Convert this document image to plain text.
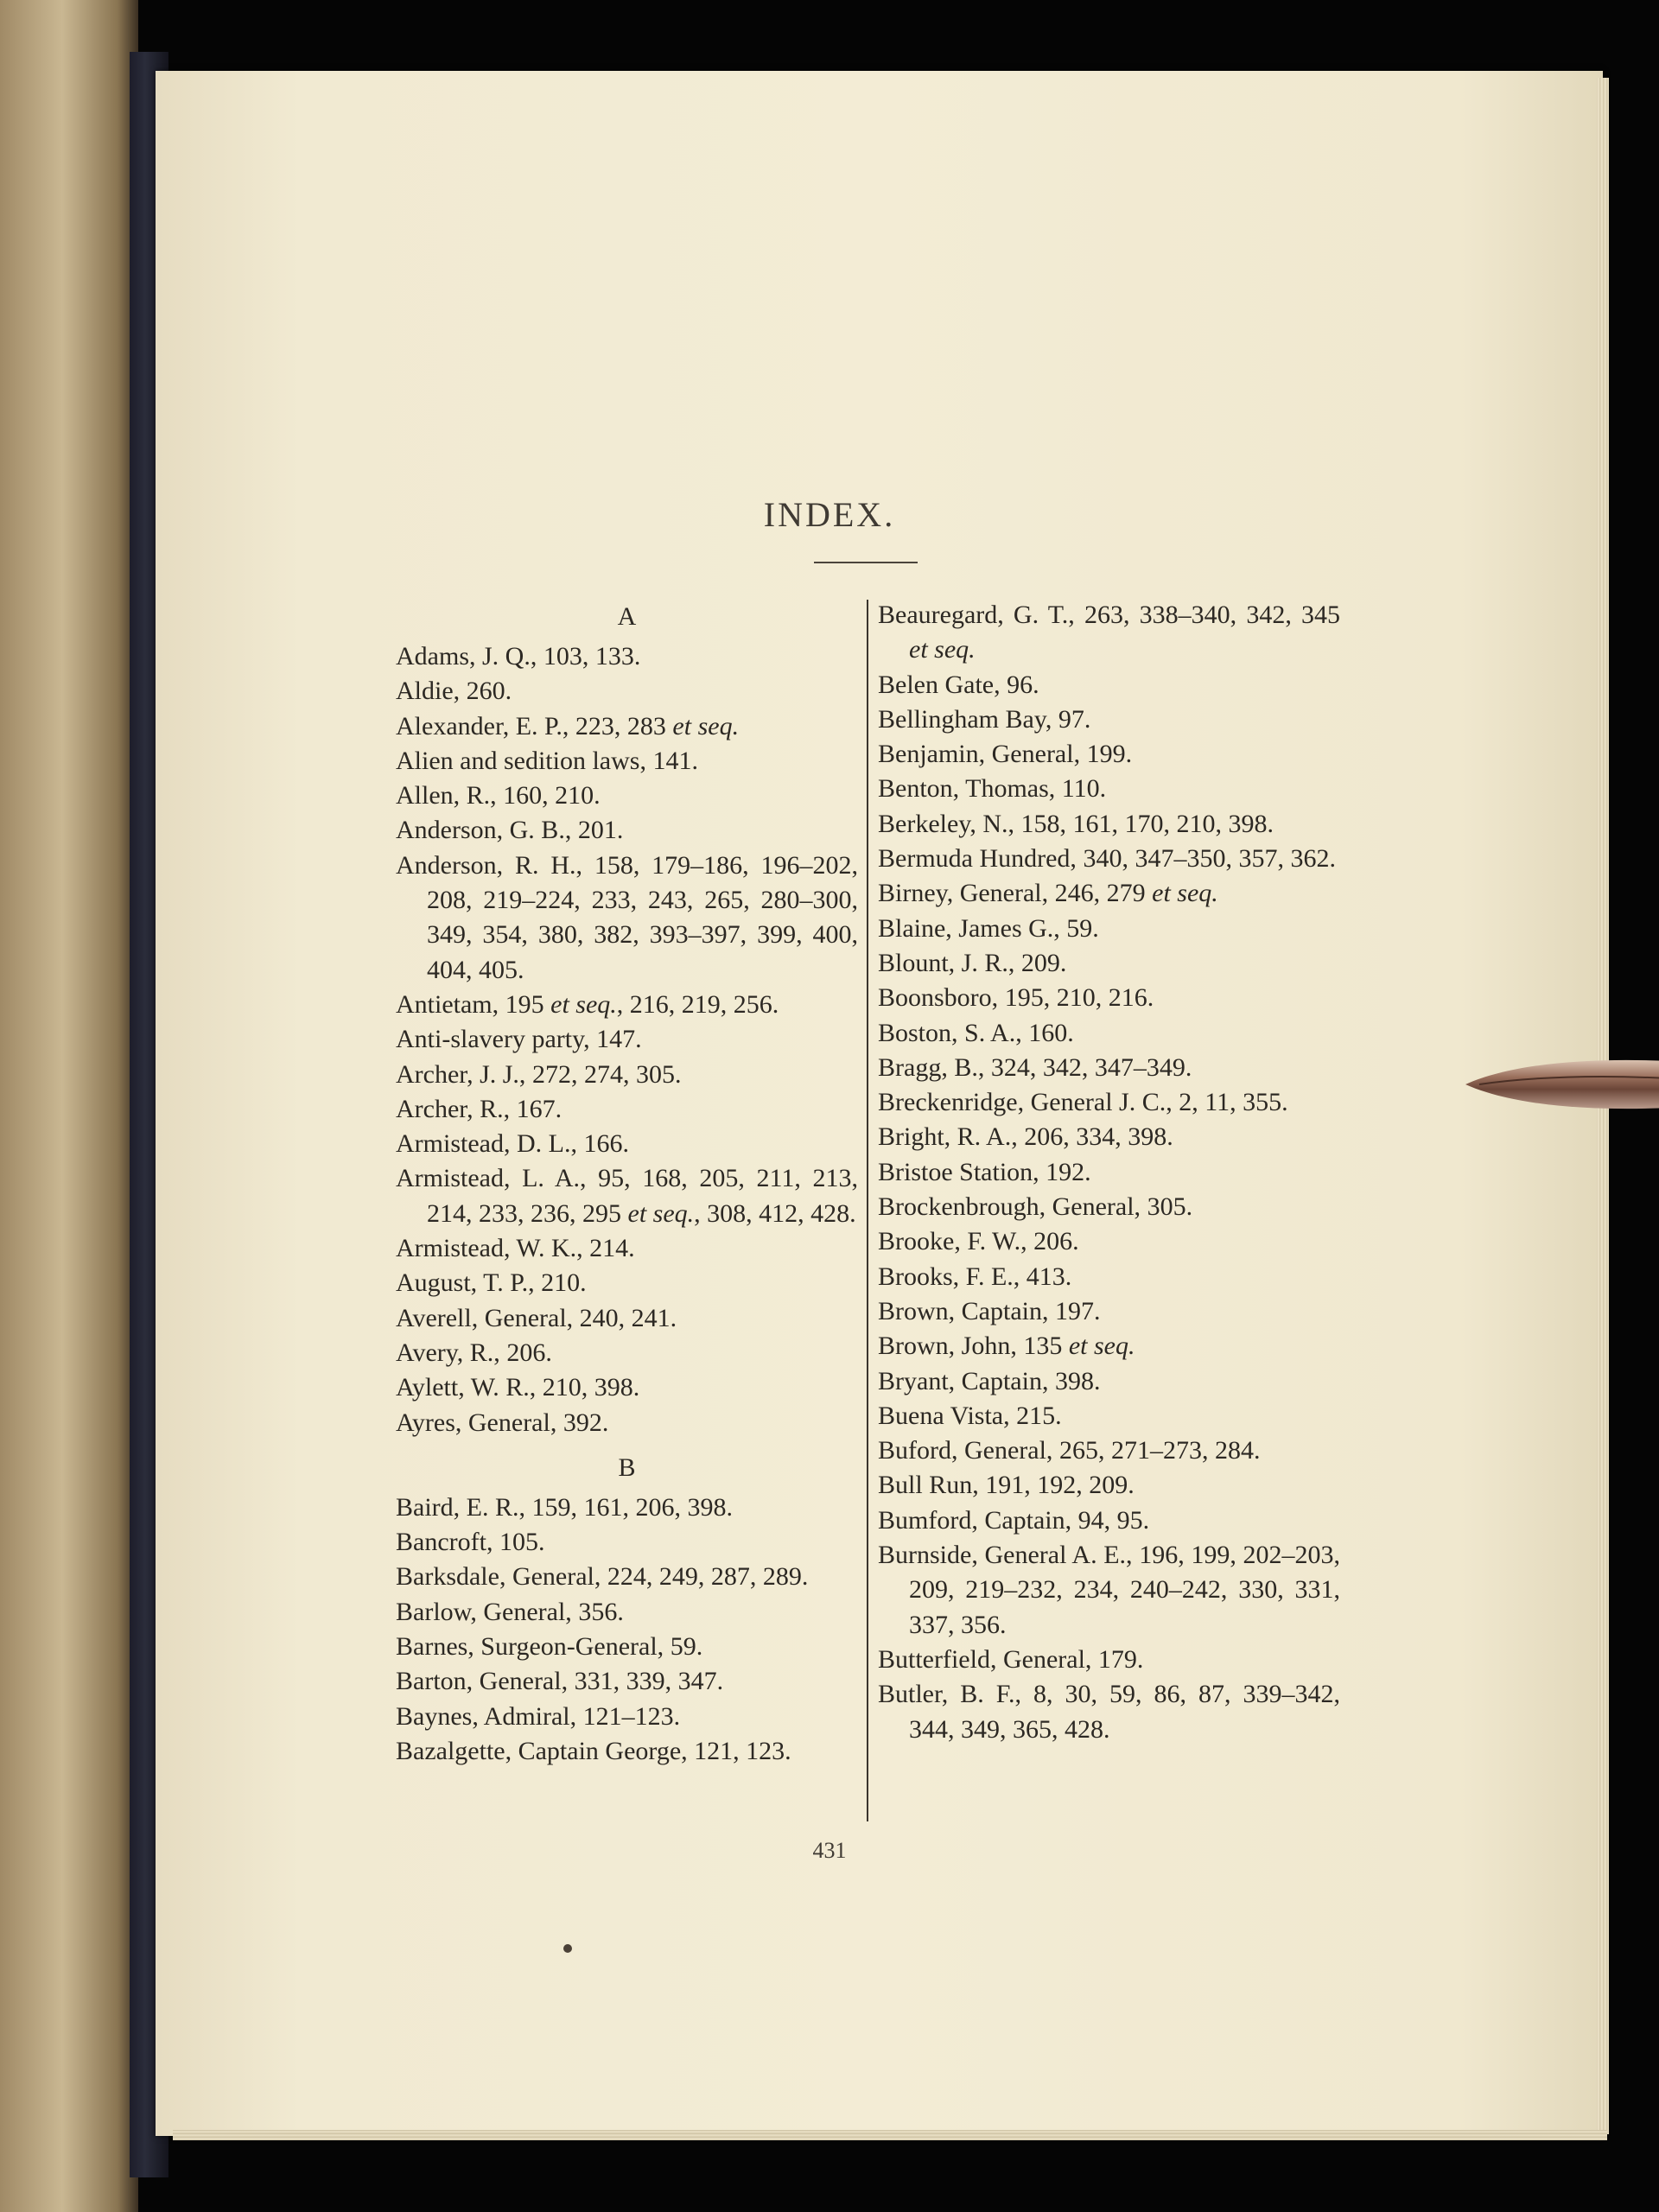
INDEX.
A
Adams, J. Q., 103, 133.
Aldie, 260.
Alexander, E. P., 223, 283 et seq.
Alien and sedition laws, 141.
Allen, R., 160, 210.
Anderson, G. B., 201.
Anderson, R. H., 158, 179–186, 196–202, 208, 219–224, 233, 243, 265, 280–300, 349, 354, 380, 382, 393–397, 399, 400, 404, 405.
Antietam, 195 et seq., 216, 219, 256.
Anti-slavery party, 147.
Archer, J. J., 272, 274, 305.
Archer, R., 167.
Armistead, D. L., 166.
Armistead, L. A., 95, 168, 205, 211, 213, 214, 233, 236, 295 et seq., 308, 412, 428.
Armistead, W. K., 214.
August, T. P., 210.
Averell, General, 240, 241.
Avery, R., 206.
Aylett, W. R., 210, 398.
Ayres, General, 392.
B
Baird, E. R., 159, 161, 206, 398.
Bancroft, 105.
Barksdale, General, 224, 249, 287, 289.
Barlow, General, 356.
Barnes, Surgeon-General, 59.
Barton, General, 331, 339, 347.
Baynes, Admiral, 121–123.
Bazalgette, Captain George, 121, 123.
Beauregard, G. T., 263, 338–340, 342, 345 et seq.
Belen Gate, 96.
Bellingham Bay, 97.
Benjamin, General, 199.
Benton, Thomas, 110.
Berkeley, N., 158, 161, 170, 210, 398.
Bermuda Hundred, 340, 347–350, 357, 362.
Birney, General, 246, 279 et seq.
Blaine, James G., 59.
Blount, J. R., 209.
Boonsboro, 195, 210, 216.
Boston, S. A., 160.
Bragg, B., 324, 342, 347–349.
Breckenridge, General J. C., 2, 11, 355.
Bright, R. A., 206, 334, 398.
Bristoe Station, 192.
Brockenbrough, General, 305.
Brooke, F. W., 206.
Brooks, F. E., 413.
Brown, Captain, 197.
Brown, John, 135 et seq.
Bryant, Captain, 398.
Buena Vista, 215.
Buford, General, 265, 271–273, 284.
Bull Run, 191, 192, 209.
Bumford, Captain, 94, 95.
Burnside, General A. E., 196, 199, 202–203, 209, 219–232, 234, 240–242, 330, 331, 337, 356.
Butterfield, General, 179.
Butler, B. F., 8, 30, 59, 86, 87, 339–342, 344, 349, 365, 428.
431
